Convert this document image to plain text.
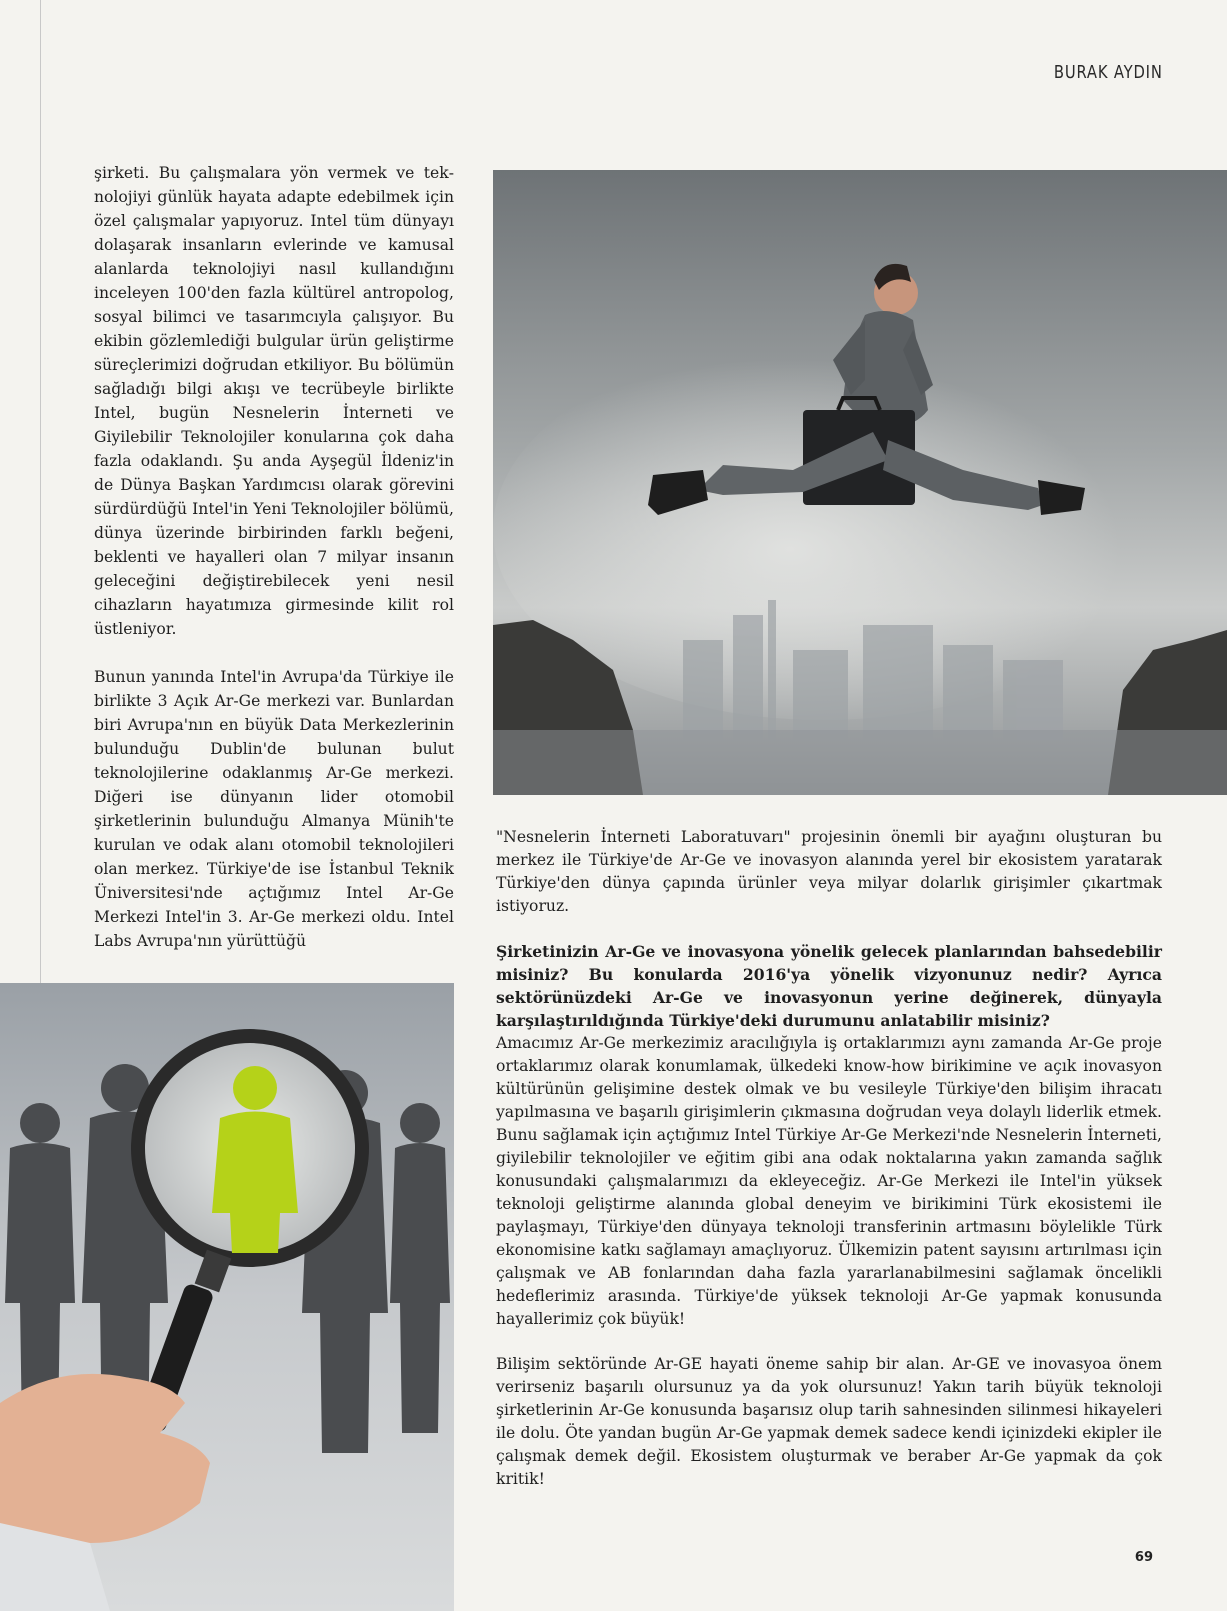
BURAK AYDIN

şirketi. Bu çalışmalara yön vermek ve teknolojiyi günlük hayata adapte edebilmek için özel çalışmalar yapıyoruz. Intel tüm dünyayı dolaşarak insanların evlerinde ve kamusal alanlarda teknolojiyi nasıl kullandığını inceleyen 100'den fazla kültürel antropolog, sosyal bilimci ve tasarımcıyla çalışıyor. Bu ekibin gözlemlediği bulgular ürün geliştirme süreçlerimizi doğrudan etkiliyor. Bu bölümün sağladığı bilgi akışı ve tecrübeyle birlikte Intel, bugün Nesnelerin İnterneti ve Giyilebilir Teknolojiler konularına çok daha fazla odaklandı. Şu anda Ayşegül İldeniz'in de Dünya Başkan Yardımcısı olarak görevini sürdürdüğü Intel'in Yeni Teknolojiler bölümü, dünya üzerinde birbirinden farklı beğeni, beklenti ve hayalleri olan 7 milyar insanın geleceğini değiştirebilecek yeni nesil cihazların hayatımıza girmesinde kilit rol üstleniyor.

Bunun yanında Intel'in Avrupa'da Türkiye ile birlikte 3 Açık Ar-Ge merkezi var. Bunlardan biri Avrupa'nın en büyük Data Merkezlerinin bulunduğu Dublin'de bulunan bulut teknolojilerine odaklanmış Ar-Ge merkezi. Diğeri ise dünyanın lider otomobil şirketlerinin bulunduğu Almanya Münih'te kurulan ve odak alanı otomobil teknolojileri olan merkez. Türkiye'de ise İstanbul Teknik Üniversitesi'nde açtığımız Intel Ar-Ge Merkezi Intel'in 3. Ar-Ge merkezi oldu. Intel Labs Avrupa'nın yürüttüğü

"Nesnelerin İnterneti Laboratuvarı" projesinin önemli bir ayağını oluşturan bu merkez ile Türkiye'de Ar-Ge ve inovasyon alanında yerel bir ekosistem yaratarak Türkiye'den dünya çapında ürünler veya milyar dolarlık girişimler çıkartmak istiyoruz.

Şirketinizin Ar-Ge ve inovasyona yönelik gelecek planlarından bahsedebilir misiniz? Bu konularda 2016'ya yönelik vizyonunuz nedir? Ayrıca sektörünüzdeki Ar-Ge ve inovasyonun yerine değinerek, dünyayla karşılaştırıldığında Türkiye'deki durumunu anlatabilir misiniz?

Amacımız Ar-Ge merkezimiz aracılığıyla iş ortaklarımızı aynı zamanda Ar-Ge proje ortaklarımız olarak konumlamak, ülkedeki know-how birikimine ve açık inovasyon kültürünün gelişimine destek olmak ve bu vesileyle Türkiye'den bilişim ihracatı yapılmasına ve başarılı girişimlerin çıkmasına doğrudan veya dolaylı liderlik etmek. Bunu sağlamak için açtığımız Intel Türkiye Ar-Ge Merkezi'nde Nesnelerin İnterneti, giyilebilir teknolojiler ve eğitim gibi ana odak noktalarına yakın zamanda sağlık konusundaki çalışmalarımızı da ekleyeceğiz. Ar-Ge Merkezi ile Intel'in yüksek teknoloji geliştirme alanında global deneyim ve birikimini Türk ekosistemi ile paylaşmayı, Türkiye'den dünyaya teknoloji transferinin artmasını böylelikle Türk ekonomisine katkı sağlamayı amaçlıyoruz. Ülkemizin patent sayısını artırılması için çalışmak ve AB fonlarından daha fazla yararlanabilmesini sağlamak öncelikli hedeflerimiz arasında. Türkiye'de yüksek teknoloji Ar-Ge yapmak konusunda hayallerimiz çok büyük!

Bilişim sektöründe Ar-GE hayati öneme sahip bir alan. Ar-GE ve inovasyoa önem verirseniz başarılı olursunuz ya da yok olursunuz! Yakın tarih büyük teknoloji şirketlerinin Ar-Ge konusunda başarısız olup tarih sahnesinden silinmesi hikayeleri ile dolu. Öte yandan bugün Ar-Ge yapmak demek sadece kendi içinizdeki ekipler ile çalışmak demek değil. Ekosistem oluşturmak ve beraber Ar-Ge yapmak da çok kritik!

69
